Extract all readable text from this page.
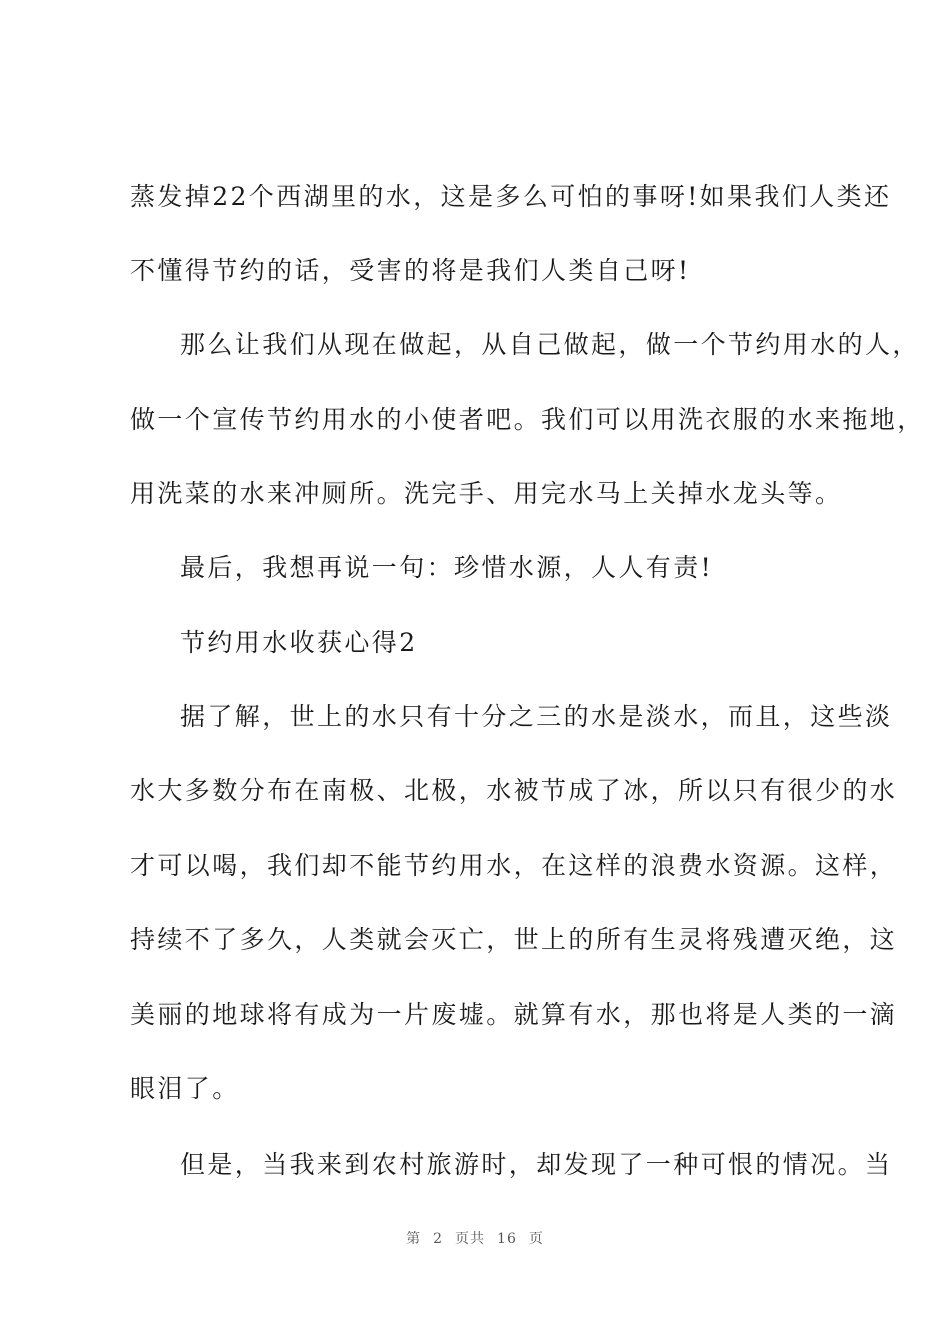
蒸发掉22个西湖里的水，这是多么可怕的事呀!如果我们人类还
不懂得节约的话，受害的将是我们人类自己呀!
那么让我们从现在做起，从自己做起，做一个节约用水的人，
做一个宣传节约用水的小使者吧。我们可以用洗衣服的水来拖地，
用洗菜的水来冲厕所。洗完手、用完水马上关掉水龙头等。
最后，我想再说一句：珍惜水源，人人有责!
节约用水收获心得2
据了解，世上的水只有十分之三的水是淡水，而且，这些淡
水大多数分布在南极、北极，水被节成了冰，所以只有很少的水
才可以喝，我们却不能节约用水，在这样的浪费水资源。这样，
持续不了多久，人类就会灭亡，世上的所有生灵将残遭灭绝，这
美丽的地球将有成为一片废墟。就算有水，那也将是人类的一滴
眼泪了。
但是，当我来到农村旅游时，却发现了一种可恨的情况。当
第 2 页共 16 页
